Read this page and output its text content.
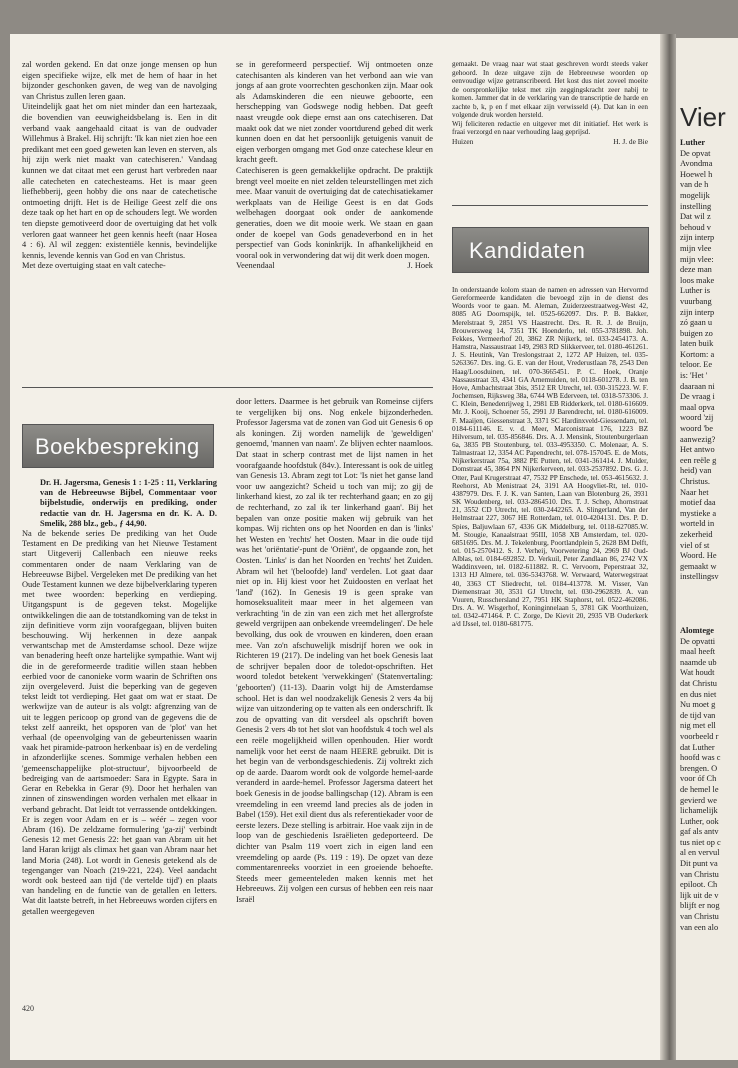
zal worden gekend. En dat onze jonge mensen op hun eigen specifieke wijze, elk met de hem of haar in het bijzonder geschonken gaven, de weg van de navolging van Christus zullen leren gaan.

Uiteindelijk gaat het om niet minder dan een hartezaak, die bovendien van eeuwigheidsbelang is. Een in dit verband vaak aangehaald citaat is van de oudvader Willehmus à Brakel. Hij schrijft: 'Ik kan niet zien hoe een predikant met een goed geweten kan leven en sterven, als hij zijn werk niet maakt van catechiseren.' Vandaag kunnen we dat citaat met een gerust hart verbreden naar alle catecheten en catechesteams. Het is maar geen liefhebberij, geen hobby die ons naar de catechetische ontmoeting drijft. Het is de Heilige Geest zelf die ons deze taak op het hart en op de schouders legt. We worden ten diepste gemotiveerd door de overtuiging dat het volk verloren gaat wanneer het geen kennis heeft (naar Hosea 4 : 6). Al wil zeggen: existentiële kennis, bevindelijke kennis, levende kennis van God en van Christus.

Met deze overtuiging staat en valt cateche-

se in gereformeerd perspectief. Wij ontmoeten onze catechisanten als kinderen van het verbond aan wie van jongs af aan grote voorrechten geschonken zijn. Maar ook als Adamskinderen die een nieuwe geboorte, een herschepping van Godswege nodig hebben. Dat geeft naast vreugde ook diepe ernst aan ons catechiseren. Dat maakt ook dat we niet zonder voortdurend gebed dit werk kunnen doen en dat het persoonlijk getuigenis vanuit de eigen verborgen omgang met God onze catechese kleur en kracht geeft.

Catechiseren is geen gemakkelijke opdracht. De praktijk brengt veel moeite en niet zelden teleurstellingen met zich mee. Maar vanuit de overtuiging dat de catechisatiekamer werkplaats van de Heilige Geest is en dat Gods welbehagen doorgaat ook onder de aankomende generaties, doen we dit mooie werk. We staan en gaan onder de koepel van Gods genadeverbond en in het perspectief van Gods koninkrijk. In afhankelijkheid en vooral ook in verwondering dat wij dit werk doen mogen.

Veenendaal	J. Hoek

gemaakt. De vraag naar wat staat geschreven wordt steeds vaker gehoord. In deze uitgave zijn de Hebreeuwse woorden op eenvoudige wijze getranscribeerd. Het kost dus niet zoveel moeite de oorspronkelijke tekst met zijn zeggingskracht zeer nabij te komen. Jammer dat in de verklaring van de transcriptie de harde en zachte b, k, p en f met elkaar zijn verwisseld (4). Dat kan in een volgende druk worden hersteld.

Wij feliciteren redactie en uitgever met dit initiatief. Het werk is fraai verzorgd en naar verhouding laag geprijsd.

Huizen	H. J. de Bie
Boekbespreking

Dr. H. Jagersma, Genesis 1 : 1-25 : 11, Verklaring van de Hebreeuwse Bijbel, Commentaar voor bijbelstudie, onderwijs en prediking, onder redactie van dr. H. Jagersma en dr. K. A. D. Smelik, 288 blz., geb., ƒ 44,90.

Na de bekende series De prediking van het Oude Testament en De prediking van het Nieuwe Testament start Uitgeverij Callenbach een nieuwe reeks commentaren onder de naam Verklaring van de Hebreeuwse Bijbel. Vergeleken met De prediking van het Oude Testament kunnen we deze bijbelverklaring typeren met twee woorden: beperking en verdieping. Uitgangspunt is de gegeven tekst. Mogelijke ontwikkelingen die aan de totstandkoming van de tekst in zijn definitieve vorm zijn voorafgegaan, blijven buiten beschouwing. Wij herkennen in deze aanpak verwantschap met de Amsterdamse school. Deze wijze van benadering heeft onze hartelijke sympathie. Want wij die in de gereformeerde traditie willen staan hebben eerbied voor de canonieke vorm waarin de Schriften ons zijn overgeleverd. Juist die beperking van de gegeven tekst leidt tot verdieping. Het gaat om wat er staat. De werkwijze van de auteur is als volgt: afgrenzing van de uit te leggen pericoop op grond van de gegevens die de tekst zelf aanreikt, het opsporen van de 'plot' van het verhaal (de opeenvolging van de gebeurtenissen waarin vaak het piramide-patroon herkenbaar is) en de verdeling in afzonderlijke scenes. Sommige verhalen hebben een 'gemeenschappelijke plot-structuur', bijvoorbeeld de bedreiging van de aartsmoeder: Sara in Egypte. Sara in Gerar en Rebekka in Gerar (9). Door het herhalen van zinnen of zinswendingen worden verhalen met elkaar in verband gebracht. Dat leidt tot verrassende ontdekkingen. Er is zegen voor Adam en er is – wéér – zegen voor Abram (16). De zeldzame formulering 'ga-zij' verbindt Genesis 12 met Genesis 22: het gaan van Abram uit het land Haran krijgt als climax het gaan van Abram naar het land Moria (248). Lot wordt in Genesis getekend als de tegenganger van Noach (219-221, 224). Veel aandacht wordt ook besteed aan tijd ('de vertelde tijd') en plaats van handeling en de functie van de getallen en letters. Wat dit laatste betreft, in het Hebreeuws worden cijfers en getallen weergegeven

door letters. Daarmee is het gebruik van Romeinse cijfers te vergelijken bij ons. Nog enkele bijzonderheden. Professor Jagersma vat de zonen van God uit Genesis 6 op als koningen. Zij worden namelijk de 'geweldigen' genoemd, 'mannen van naam'. Ze blijven echter naamloos. Dat staat in scherp contrast met de lijst namen in het voorafgaande hoofdstuk (84v.). Interessant is ook de uitleg van Genesis 13. Abram zegt tot Lot: 'Is niet het ganse land voor uw aangezicht? Scheid u toch van mij; zo gij de linkerhand kiest, zo zal ik ter rechterhand gaan; en zo gij de rechterhand, zo zal ik ter linkerhand gaan'. Bij het bepalen van onze positie maken wij gebruik van het kompas. Wij richten ons op het Noorden en dan is 'links' het Westen en 'rechts' het Oosten. Maar in die oude tijd was het 'oriëntatie'-punt de 'Oriënt', de opgaande zon, het Oosten. 'Links' is dan het Noorden en 'rechts' het Zuiden. Abram wil het '(beloofde) land' verdelen. Lot gaat daar niet op in. Hij kiest voor het Zuidoosten en verlaat het 'land' (162). In Genesis 19 is geen sprake van homoseksualiteit maar meer in het algemeen van verkrachting 'in de zin van een zich met het allergrofste geweld vergrijpen aan onbekende vreemdelingen'. De hele bevolking, dus ook de vrouwen en kinderen, doen eraan mee. Van zo'n afschuwelijk misdrijf horen we ook in Richteren 19 (217). De indeling van het boek Genesis laat de schrijver bepalen door de toledot-opschriften. Het woord toledot betekent 'verwekkingen' (Statenvertaling: 'geboorten') (11-13). Daarin volgt hij de Amsterdamse school. Het is dan wel noodzakelijk Genesis 2 vers 4a bij wijze van uitzondering op te vatten als een onderschrift. Ik zou de opvatting van dit versdeel als opschrift boven Genesis 2 vers 4b tot het slot van hoofdstuk 4 toch wel als een reële mogelijkheid willen openhouden. Hier wordt namelijk voor het eerst de naam HEERE gebruikt. Dit is het begin van de verbondsgeschiedenis. Zij voltrekt zich op de aarde. Daarom wordt ook de volgorde hemel-aarde veranderd in aarde-hemel. Professor Jagersma dateert het boek Genesis in de joodse ballingschap (12). Abram is een vreemdeling in een vreemd land precies als de joden in Babel (159). Het exil dient dus als referentiekader voor de eerste lezers. Deze stelling is arbitrair. Hoe vaak zijn in de loop van de geschiedenis Israëlieten gedeporteerd. De dichter van Psalm 119 voert zich in eigen land een vreemdeling op aarde (Ps. 119 : 19). De opzet van deze commentarenreeks voorziet in een groeiende behoefte. Steeds meer gemeenteleden maken kennis met het Hebreeuws. Zij volgen een cursus of hebben een reis naar Israël

Kandidaten

In onderstaande kolom staan de namen en adressen van Hervormd Gereformeerde kandidaten die bevoegd zijn in de dienst des Woords voor te gaan. M. Aleman, Zuiderzeestraatweg-West 42, 8085 AG Doornspijk, tel. 0525-662097. Drs. P. B. Bakker, Merelstraat 9, 2851 VS Haastrecht. Drs. R. R. J. de Bruijn, Brouwersweg 14, 7351 TK Hoenderlo, tel. 055-3781898. Joh. Fekkes, Vermeerhof 20, 3862 ZR Nijkerk, tel. 033-2454173. A. Hamstra, Nassaustraat 149, 2983 RD Slikkerveer, tel. 0180-461261. J. S. Heutink, Van Treslongstraat 2, 1272 AP Huizen, tel. 035-5263367. Drs. ing. G. E. van der Hout, Vrederustlaan 78, 2543 Den Haag/Loosduinen, tel. 070-3665451. P. C. Hoek, Oranje Nassaustraat 33, 4341 GA Arnemuiden, tel. 0118-601278. J. B. ten Hove, Ambachtstraat 3bis, 3512 ER Utrecht, tel. 030-315223. W. F. Jochemsen, Rijksweg 38a, 6744 WB Ederveen, tel. 0318-573306. J. C. Klein, Benedenrijweg 1, 2981 EB Ridderkerk, tel. 0180-616609. Mr. J. Kooij, Schoener 55, 2991 JJ Barendrecht, tel. 0180-616009. F. Maaijen, Giessenstraat 3, 3371 SC Hardinxveld-Giessendam, tel. 0184-611146. E. v. d. Meer, Marconistraat 176, 1223 BZ Hilversum, tel. 035-856846. Drs. A. J. Mensink, Stoutenburgerlaan 6a, 3835 PB Stoutenburg, tel. 033-4953350. C. Molenaar, A. S. Talmastraat 12, 3354 AC Papendrecht, tel. 078-157045. E. de Mots, Nijkerkerstraat 75a, 3882 PE Putten, tel. 0341-361414. J. Mulder, Domstraat 45, 3864 PN Nijkerkerveen, tel. 033-2537892. Drs. G. J. Otter, Paul Krugerstraat 47, 7532 PP Enschede, tel. 053-4615632. J. Reehorst, Ab Menistraat 24, 3191 AA Hoogvliet-Rt, tel. 010-4387979. Drs. F. J. K. van Santen, Laan van Blotenburg 26, 3931 SK Woudenberg, tel. 033-2864510. Drs. T. J. Schep, Ahornstraat 21, 3552 CD Utrecht, tel. 030-2442265. A. Slingerland, Van der Helmstraat 227, 3067 HE Rotterdam, tel. 010-4204131. Drs. P. D. Spies, Baljuwlaan 67, 4336 GK Middelburg, tel. 0118-627085.W. M. Stougie, Kanaalstraat 95III, 1058 XB Amsterdam, tel. 020-6851695. Drs. M. J. Tekelenburg, Poortlandplein 5, 2628 BM Delft, tel. 015-2570412. S. J. Verheij, Voorwetering 24, 2969 BJ Oud-Alblas, tel. 0184-692852. D. Verkuil, Peter Zandlaan 86, 2742 VX Waddinxveen, tel. 0182-611882. R. C. Vervoorn, Peperstraat 32, 1313 HJ Almere, tel. 036-5343768. W. Verwaard, Waterwegstraat 40, 3363 CT Sliedrecht, tel. 0184-413778. M. Visser, Van Diemenstraat 30, 3531 GJ Utrecht, tel. 030-2962839. A. van Vuuren, Russchersland 27, 7951 HK Staphorst, tel. 0522-462086. Drs. A. W. Wisgerhof, Koninginnelaan 5, 3781 GK Voorthuizen, tel. 0342-471464. P. C. Zorge, De Kievit 20, 2935 VB Ouderkerk a/d IJssel, tel. 0180-681775.

420
Vier

Luther

De opvat

Avondma

Hoewel h

van de h

mogelijk

instelling

Dat wil z

behoud v

zijn interp

mijn vlee

mijn vlee:

deze man

loos make

Luther is

vuurbang

zijn interp

zó gaan u

buigen zo

laten buik

Kortom: a

teloor. Ee

is: 'Het '

daaraan ni

De vraag i

maal opva

woord 'zij

woord 'be

aanwezig?

Het antwo

een reële g

heid) van

Christus.

Naar het

motief daa

mystieke a

worteld in

zekerheid

viel of st

Woord. He

gemaakt w

instellingsv

Alomtege

De opvatti

maal heeft

naamde ub

Wat houdt

dat Christu

en dus niet

Nu moet g

de tijd van

nig met ell

voorbeeld r

dat Luther

hoofd was c

brengen. O

voor óf Ch

de hemel le

gevierd we

lichamelijk

Luther, ook

gaf als antv

tus niet op c

al en vervul

Dit punt va

van Christu

epiloot. Ch

lijk uit de v

blijft er nog

van Christu

van een alo
